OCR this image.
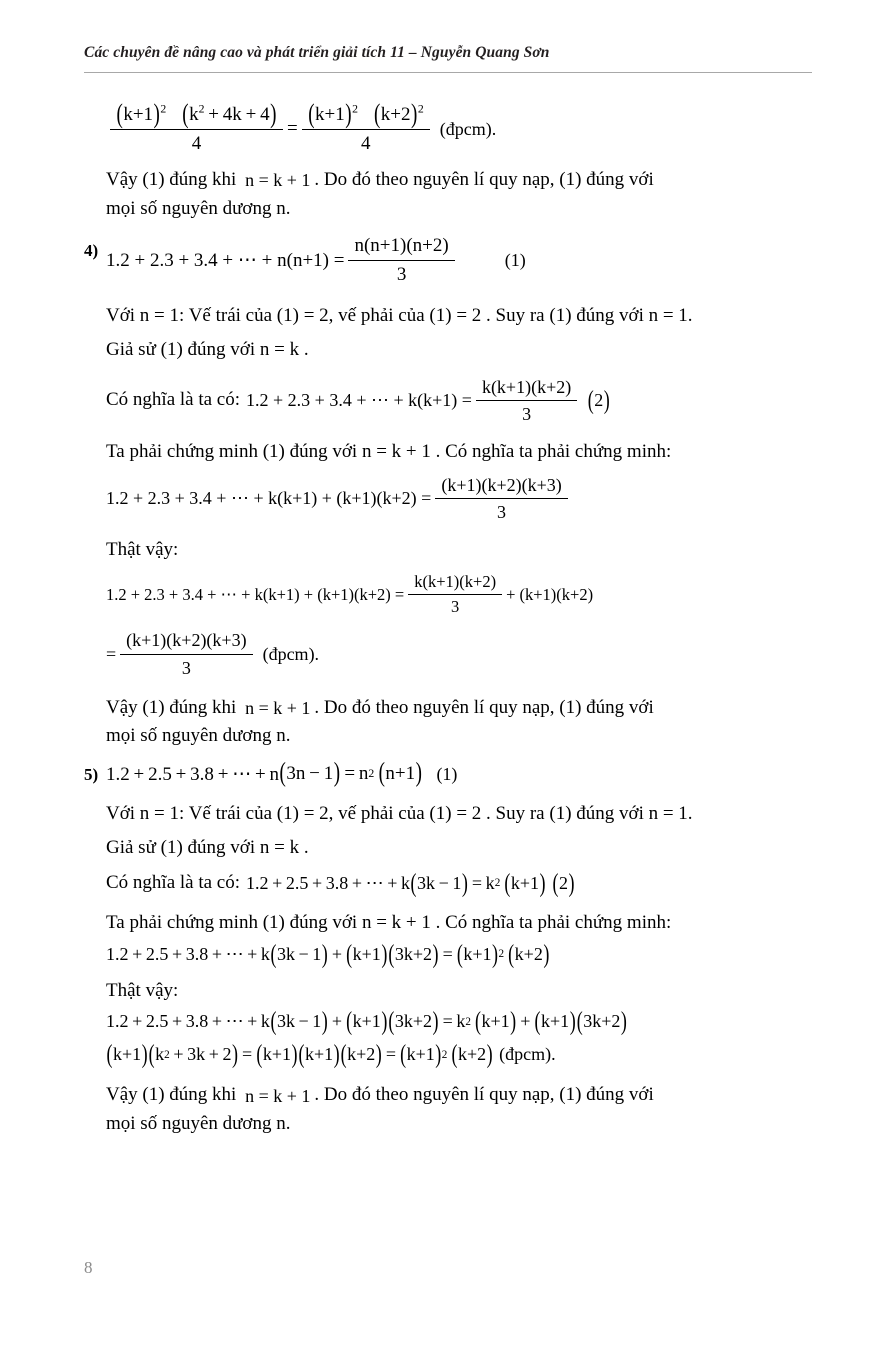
Các chuyên đề nâng cao và phát triển giải tích 11 – Nguyễn Quang Sơn
$\frac{(k+1)^2 (k^2 + 4k + 4)}{4} = \frac{(k+1)^2 (k+2)^2}{4}$ (đpcm).
Vậy (1) đúng khi n = k + 1 . Do đó theo nguyên lí quy nạp, (1) đúng với
mọi số nguyên dương n.
4) 1.2 + 2.3 + 3.4 + ⋯ + $n(n+1) = \frac{n(n+1)(n+2)}{3}$	(1)
Với n = 1: Vế trái của (1) = 2, vế phải của (1) = 2 . Suy ra (1) đúng với n = 1.
Giả sử (1) đúng với n = k .
Có nghĩa là ta có: 1.2 + 2.3 + 3.4 + ⋯ + $k(k+1) = \frac{k(k+1)(k+2)}{3}$ ( 2 )
Ta phải chứng minh (1) đúng với n = k + 1 . Có nghĩa ta phải chứng minh:
1.2 + 2.3 + 3.4 + ⋯ + $k(k+1) + (k+1)(k+2) = \frac{(k+1)(k+2)(k+3)}{3}$
Thật vậy:
1.2 + 2.3 + 3.4 + ⋯ + $k(k+1) + (k+1)(k+2) = \frac{k(k+1)(k+2)}{3} + (k+1)(k+2)$
= $\frac{(k+1)(k+2)(k+3)}{3}$ (đpcm).
Vậy (1) đúng khi n = k + 1 . Do đó theo nguyên lí quy nạp, (1) đúng với
mọi số nguyên dương n.
5) 1.2 + 2.5 + 3.8 + ⋯ + n ( 3n − 1 )  = n 2
  ( n+1 ) (1)
Với n = 1: Vế trái của (1) = 2, vế phải của (1) = 2 . Suy ra (1) đúng với n = 1.
Giả sử (1) đúng với n = k .
Có nghĩa là ta có: 1.2 + 2.5 + 3.8 + ⋯ + k ( 3k − 1 )  = k 2
  ( k+1 ) ( 2 )
Ta phải chứng minh (1) đúng với n = k + 1 . Có nghĩa ta phải chứng minh:
1.2 + 2.5 + 3.8 + ⋯ + k ( 3k − 1 )  +  ( k+1 ) ( 3k+2 )  =  ( k+1 ) 2
  ( k+2 )
Thật vậy:
1.2 + 2.5 + 3.8 + ⋯ + k ( 3k − 1 )  +  ( k+1 ) ( 3k+2 )  = k 2
  ( k+1 )  +  ( k+1 ) ( 3k+2 )
( k+1 ) ( k 2  + 3k + 2 )  =  ( k+1 ) ( k+1 ) ( k+2 )  =  ( k+1 ) 2
  ( k+2 ) (đpcm).
Vậy (1) đúng khi n = k + 1 . Do đó theo nguyên lí quy nạp, (1) đúng với
mọi số nguyên dương n.
8
